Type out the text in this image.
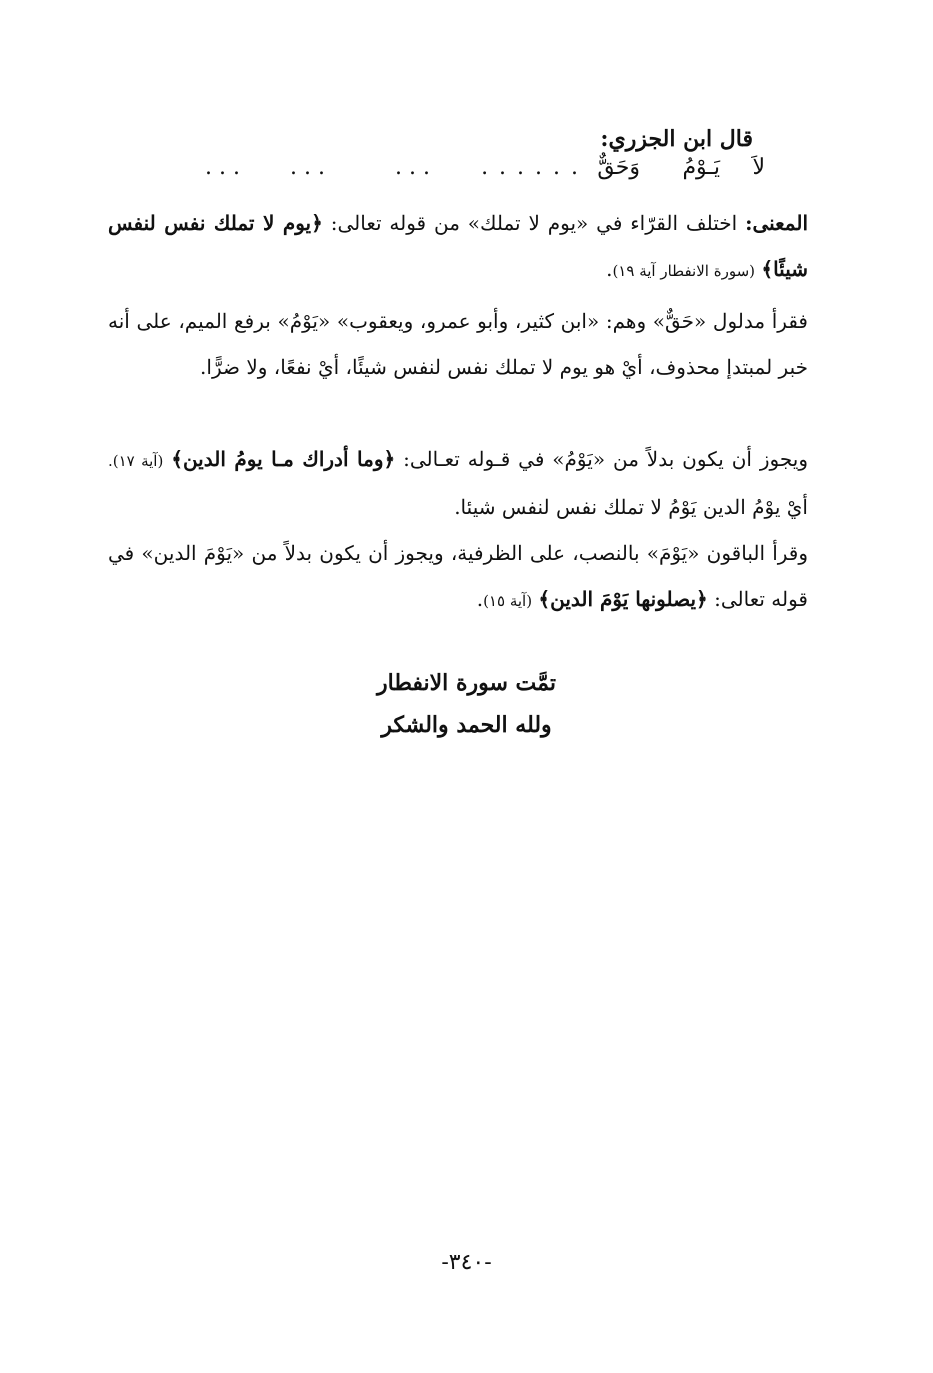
قال ابن الجزري:
لاَ
يَـوْمُ
وَحَقٌّ
. . . . . .
. . .
. . .
. . .
المعنى: اختلف القرّاء في «يوم لا تملك» من قوله تعالى: ﴿يوم لا تملك نفس لنفس شيئًا﴾ (سورة الانفطار آية ١٩).
فقرأ مدلول «حَقٌّ» وهم: «ابن كثير، وأبو عمرو، ويعقوب» «يَوْمُ» برفع الميم، على أنه خبر لمبتدإ محذوف، أيْ هو يوم لا تملك نفس لنفس شيئًا، أيْ نفعًا، ولا ضرًّا.
ويجوز أن يكون بدلاً من «يَوْمُ» في قـوله تعـالى: ﴿وما أدراك مـا يومُ الدين﴾ (آية ١٧). أيْ يوْمُ الدين يَوْمُ لا تملك نفس لنفس شيئا.
وقرأ الباقون «يَوْمَ» بالنصب، على الظرفية، ويجوز أن يكون بدلاً من «يَوْمَ الدين» في قوله تعالى: ﴿يصلونها يَوْمَ الدين﴾ (آية ١٥).
تمَّت سورة الانفطار
ولله الحمد والشكر
-٣٤٠-
